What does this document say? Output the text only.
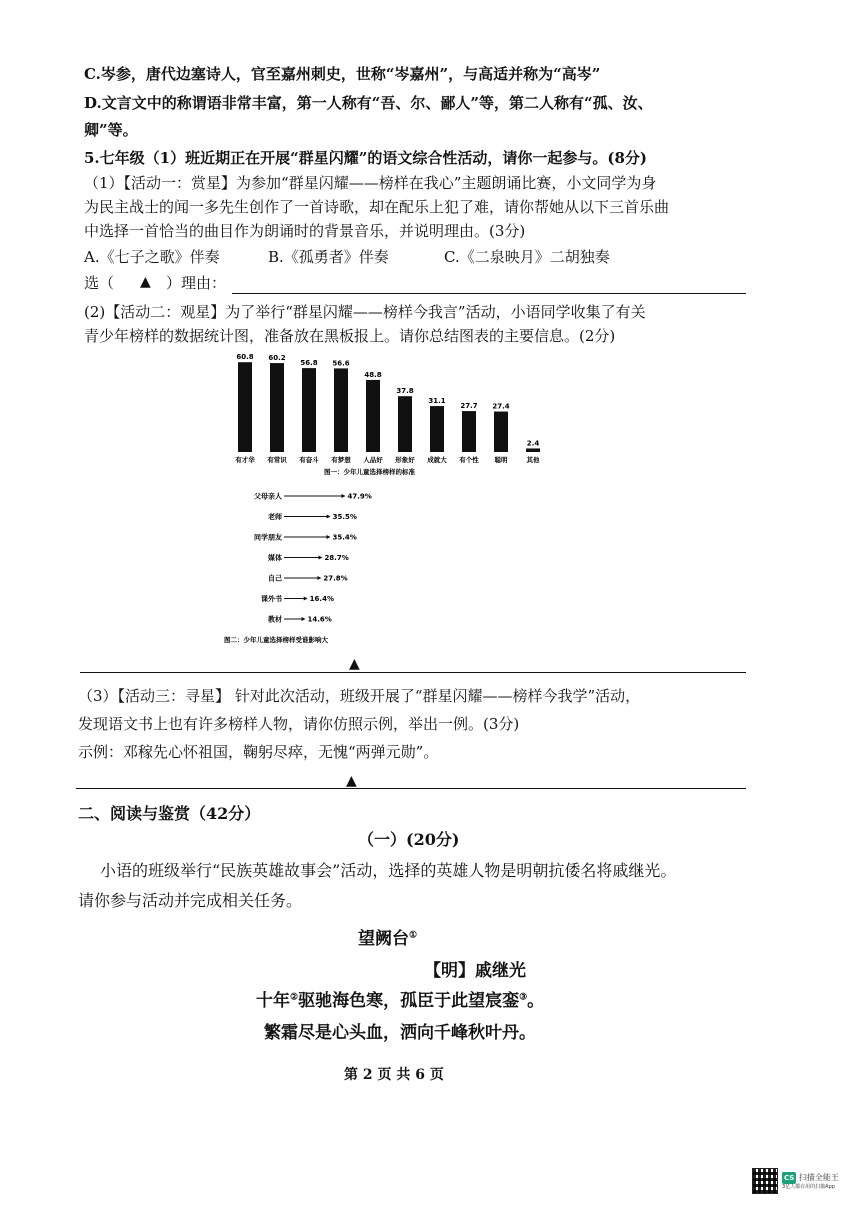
C.岑参，唐代边塞诗人，官至嘉州刺史，世称“岑嘉州”，与高适并称为“高岑”
D.文言文中的称谓语非常丰富，第一人称有“吾、尔、鄙人”等，第二人称有“孤、汝、
卿”等。
5.七年级（1）班近期正在开展“群星闪耀”的语文综合性活动，请你一起参与。(8分)
（1）【活动一：赏星】为参加“群星闪耀——榜样在我心”主题朗诵比赛，小文同学为身
为民主战士的闻一多先生创作了一首诗歌，却在配乐上犯了难，请你帮她从以下三首乐曲
中选择一首恰当的曲目作为朗诵时的背景音乐，并说明理由。(3分)
A.《七子之歌》伴奏	B.《孤勇者》伴奏	C.《二泉映月》二胡独奏
选（ ▲ ）理由：
(2)【活动二：观星】为了举行“群星闪耀——榜样今我言”活动，小语同学收集了有关
青少年榜样的数据统计图，准备放在黑板报上。请你总结图表的主要信息。(2分)
60.8
有才华
60.2
有常识
56.8
有奋斗
56.6
有梦想
48.8
人品好
37.8
形象好
31.1
成就大
27.7
有个性
27.4
聪明
2.4
其他
图一：少年儿童选择榜样的标准
父母亲人	47.9%
老师	35.5%
同学朋友	35.4%
媒体	28.7%
自己	27.8%
课外书	16.4%
教材	14.6%
图二：少年儿童选择榜样受谁影响大
▲
（3）【活动三：寻星】 针对此次活动，班级开展了“群星闪耀——榜样今我学”活动，
发现语文书上也有许多榜样人物，请你仿照示例，举出一例。(3分)
示例：邓稼先心怀祖国，鞠躬尽瘁，无愧“两弹元勋”。
▲
二、阅读与鉴赏（42分）
（一）(20分)
小语的班级举行“民族英雄故事会”活动，选择的英雄人物是明朝抗倭名将戚继光。
请你参与活动并完成相关任务。
望阙台①
【明】戚继光
十年②驱驰海色寒，孤臣于此望宸銮③。
繁霜尽是心头血，洒向千峰秋叶丹。
第 2 页 共 6 页
CS 扫描全能王
3亿人都在用的扫描App
